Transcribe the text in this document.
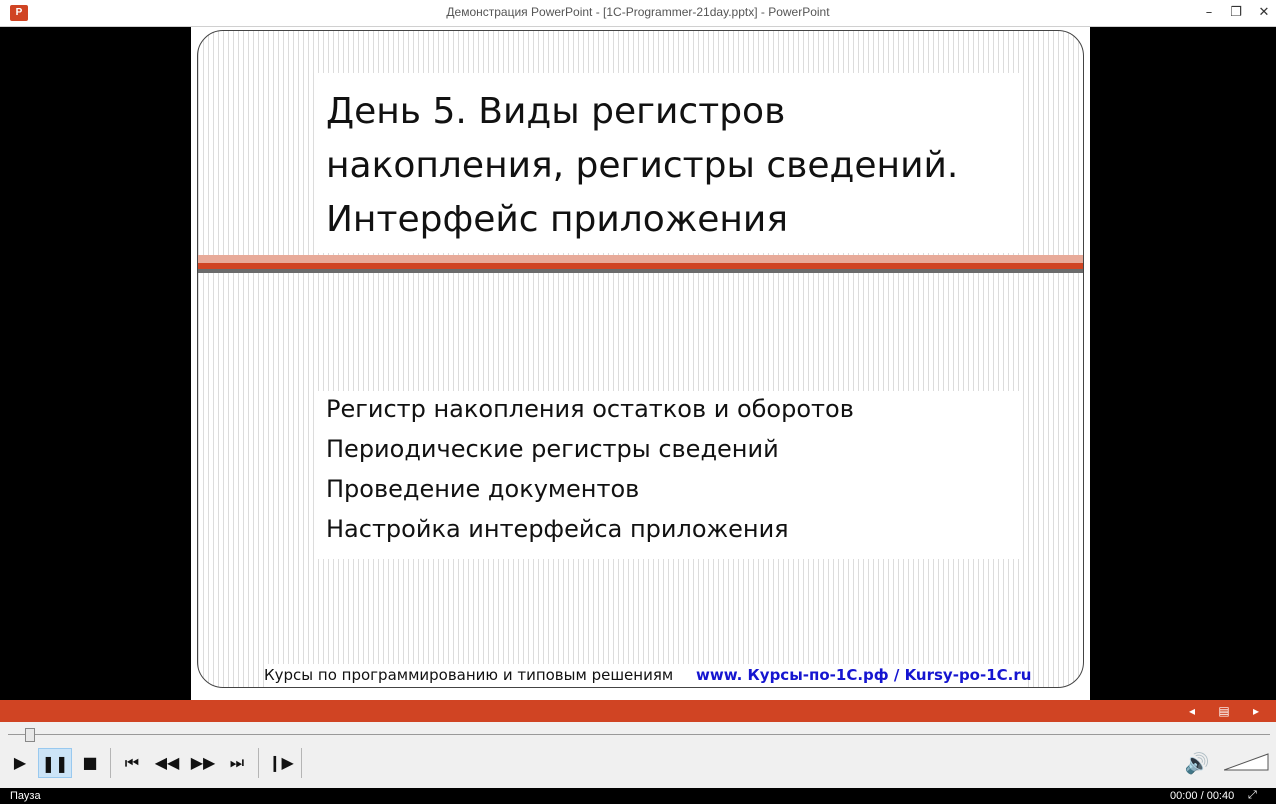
P	Демонстрация PowerPoint - [1C-Programmer-21day.pptx] - PowerPoint	–	❐	✕
День 5. Виды регистров
накопления, регистры сведений.
Интерфейс приложения
Регистр накопления остатков и оборотов
Периодические регистры сведений
Проведение документов
Настройка интерфейса приложения
Курсы по программированию и типовым решениям www. Курсы-по-1С.рф / Kursy-po-1C.ru
◂	▤	▸
▶ ❚❚ ■	⏮ ◀◀ ▶▶ ⏭	❙▶	🔊
Пауза	00:00 / 00:40 ⤢
